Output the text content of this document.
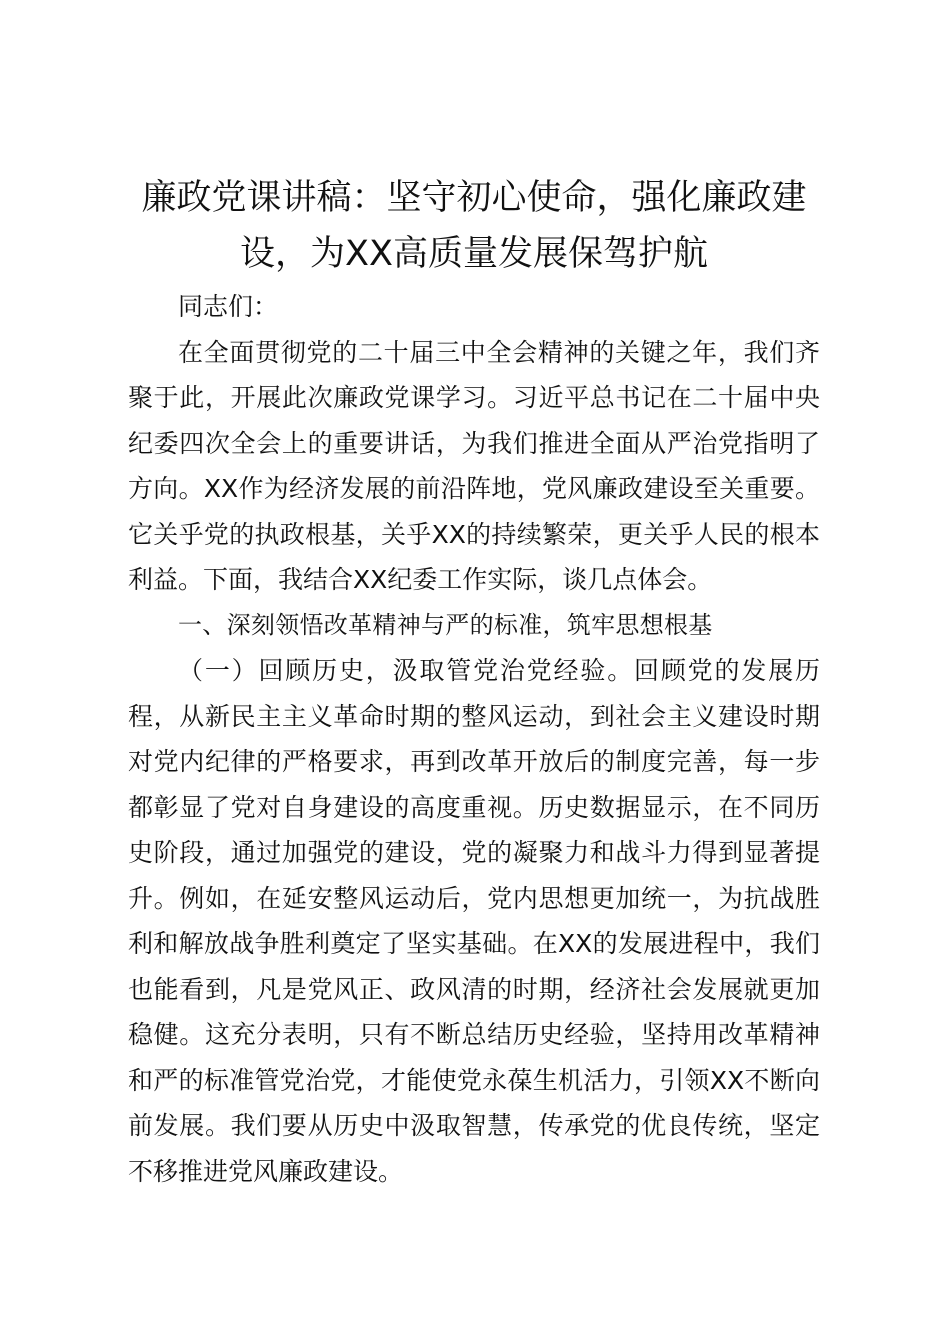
廉政党课讲稿：坚守初心使命，强化廉政建设，为XX高质量发展保驾护航

同志们：

在全面贯彻党的二十届三中全会精神的关键之年，我们齐聚于此，开展此次廉政党课学习。习近平总书记在二十届中央纪委四次全会上的重要讲话，为我们推进全面从严治党指明了方向。XX作为经济发展的前沿阵地，党风廉政建设至关重要。它关乎党的执政根基，关乎XX的持续繁荣，更关乎人民的根本利益。下面，我结合XX纪委工作实际，谈几点体会。

一、深刻领悟改革精神与严的标准，筑牢思想根基

（一）回顾历史，汲取管党治党经验。回顾党的发展历程，从新民主主义革命时期的整风运动，到社会主义建设时期对党内纪律的严格要求，再到改革开放后的制度完善，每一步都彰显了党对自身建设的高度重视。历史数据显示，在不同历史阶段，通过加强党的建设，党的凝聚力和战斗力得到显著提升。例如，在延安整风运动后，党内思想更加统一，为抗战胜利和解放战争胜利奠定了坚实基础。在XX的发展进程中，我们也能看到，凡是党风正、政风清的时期，经济社会发展就更加稳健。这充分表明，只有不断总结历史经验，坚持用改革精神和严的标准管党治党，才能使党永葆生机活力，引领XX不断向前发展。我们要从历史中汲取智慧，传承党的优良传统，坚定不移推进党风廉政建设。
